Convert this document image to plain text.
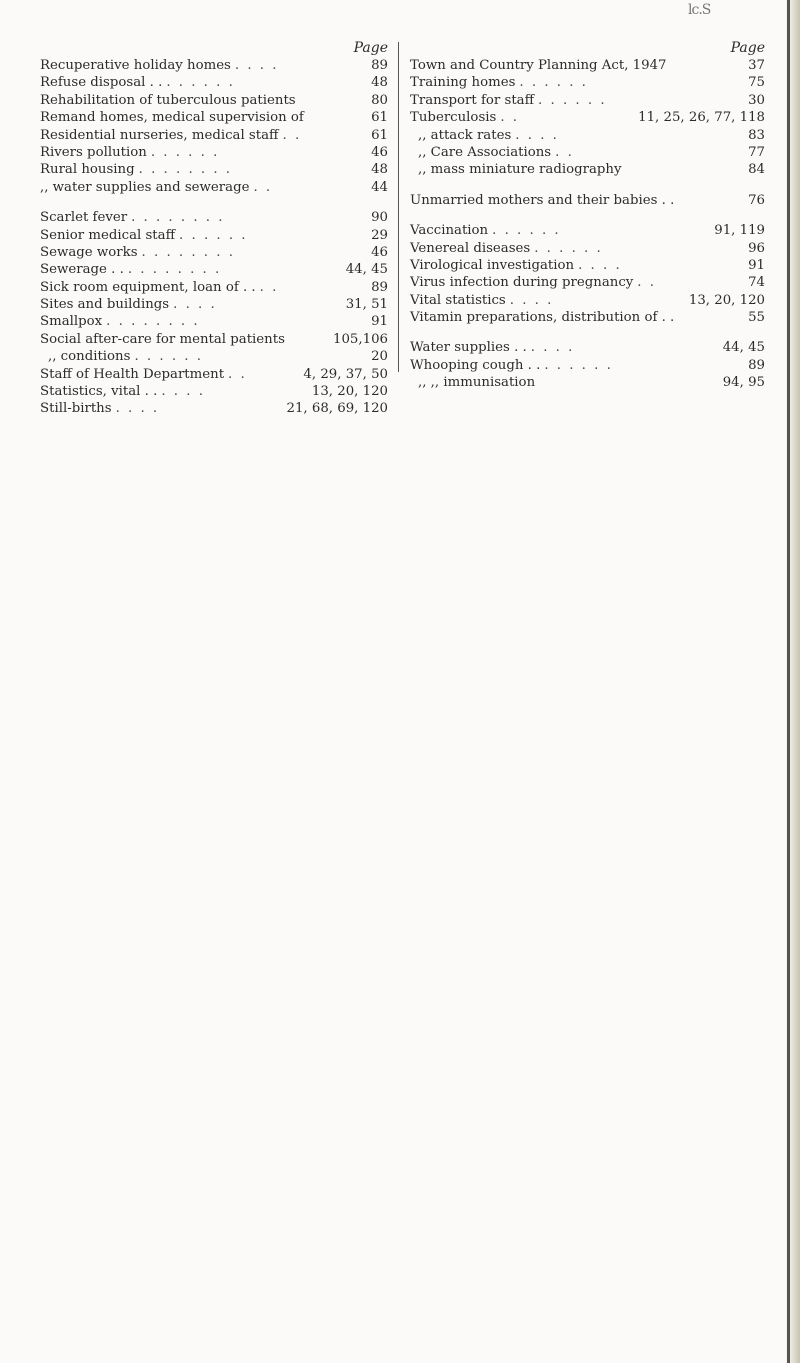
lc.S
Page
Recuperative holiday homes . . . .	89
Refuse disposal . . . . . . . .	48
Rehabilitation of tuberculous patients	80
Remand homes, medical supervision of	61
Residential nurseries, medical staff . .	61
Rivers pollution . . . . . .	46
Rural housing . . . . . . . .	48
,, water supplies and sewerage . .	44
Scarlet fever . . . . . . . .	90
Senior medical staff . . . . . .	29
Sewage works . . . . . . . .	46
Sewerage . . . . . . . . . .	44, 45
Sick room equipment, loan of . . . .	89
Sites and buildings . . . .	31, 51
Smallpox . . . . . . . .	91
Social after-care for mental patients	105,106
,, conditions . . . . . .	20
Staff of Health Department . .	4, 29, 37, 50
Statistics, vital . . . . . .	13, 20, 120
Still-births . . . .	21, 68, 69, 120
Page
Town and Country Planning Act, 1947	37
Training homes . . . . . .	75
Transport for staff . . . . . .	30
Tuberculosis . .	11, 25, 26, 77, 118
,, attack rates . . . .	83
,, Care Associations . .	77
,, mass miniature radiography	84
Unmarried mothers and their babies . .	76
Vaccination . . . . . .	91, 119
Venereal diseases . . . . . .	96
Virological investigation . . . .	91
Virus infection during pregnancy . .	74
Vital statistics . . . .	13, 20, 120
Vitamin preparations, distribution of . .	55
Water supplies . . . . . .	44, 45
Whooping cough . . . . . . . .	89
,, ,, immunisation	94, 95
